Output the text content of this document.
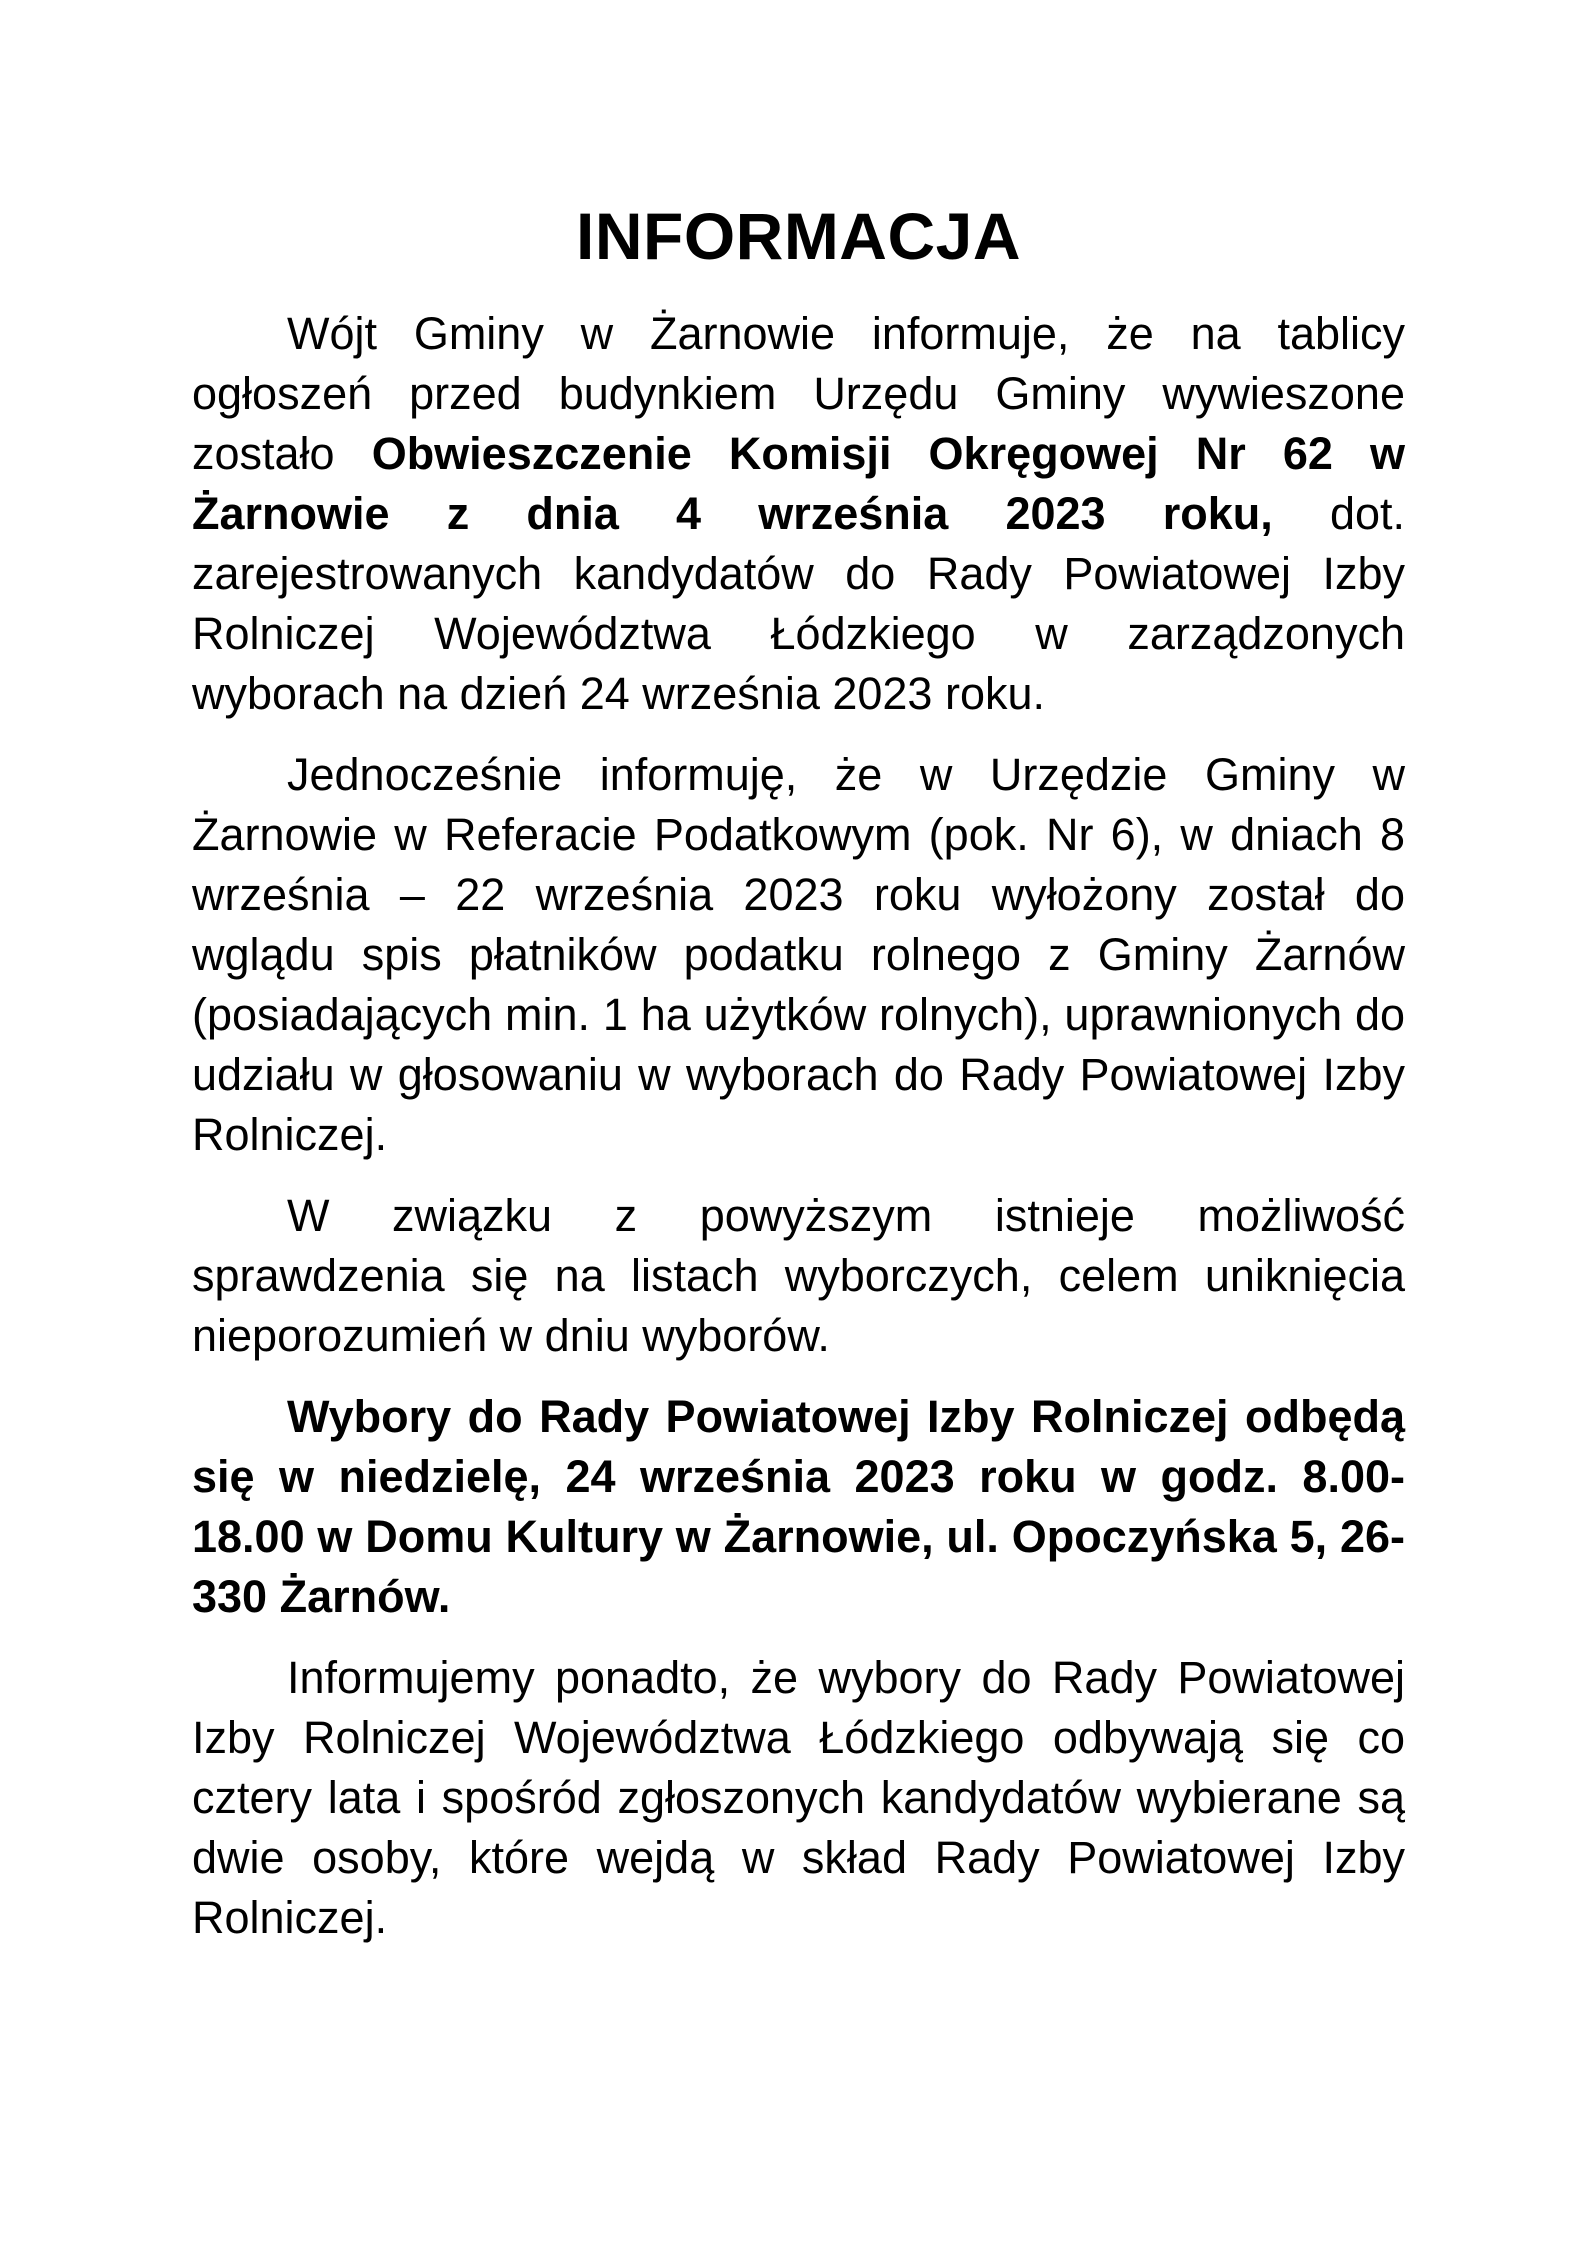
INFORMACJA

Wójt Gminy w Żarnowie informuje, że na tablicy ogłoszeń przed budynkiem Urzędu Gminy wywieszone zostało Obwieszczenie Komisji Okręgowej Nr 62 w Żarnowie z dnia 4 września 2023 roku, dot. zarejestrowanych kandydatów do Rady Powiatowej Izby Rolniczej Województwa Łódzkiego w zarządzonych wyborach na dzień 24 września 2023 roku.

Jednocześnie informuję, że w Urzędzie Gminy w Żarnowie w Referacie Podatkowym (pok. Nr 6), w dniach 8 września – 22 września 2023 roku wyłożony został do wglądu spis płatników podatku rolnego z Gminy Żarnów (posiadających min. 1 ha użytków rolnych), uprawnionych do udziału w głosowaniu w wyborach do Rady Powiatowej Izby Rolniczej.

W związku z powyższym istnieje możliwość sprawdzenia się na listach wyborczych, celem uniknięcia nieporozumień w dniu wyborów.

Wybory do Rady Powiatowej Izby Rolniczej odbędą się w niedzielę, 24 września 2023 roku w godz. 8.00-18.00 w Domu Kultury w Żarnowie, ul. Opoczyńska 5, 26-330 Żarnów.

Informujemy ponadto, że wybory do Rady Powiatowej Izby Rolniczej Województwa Łódzkiego odbywają się co cztery lata i spośród zgłoszonych kandydatów wybierane są dwie osoby, które wejdą w skład Rady Powiatowej Izby Rolniczej.
